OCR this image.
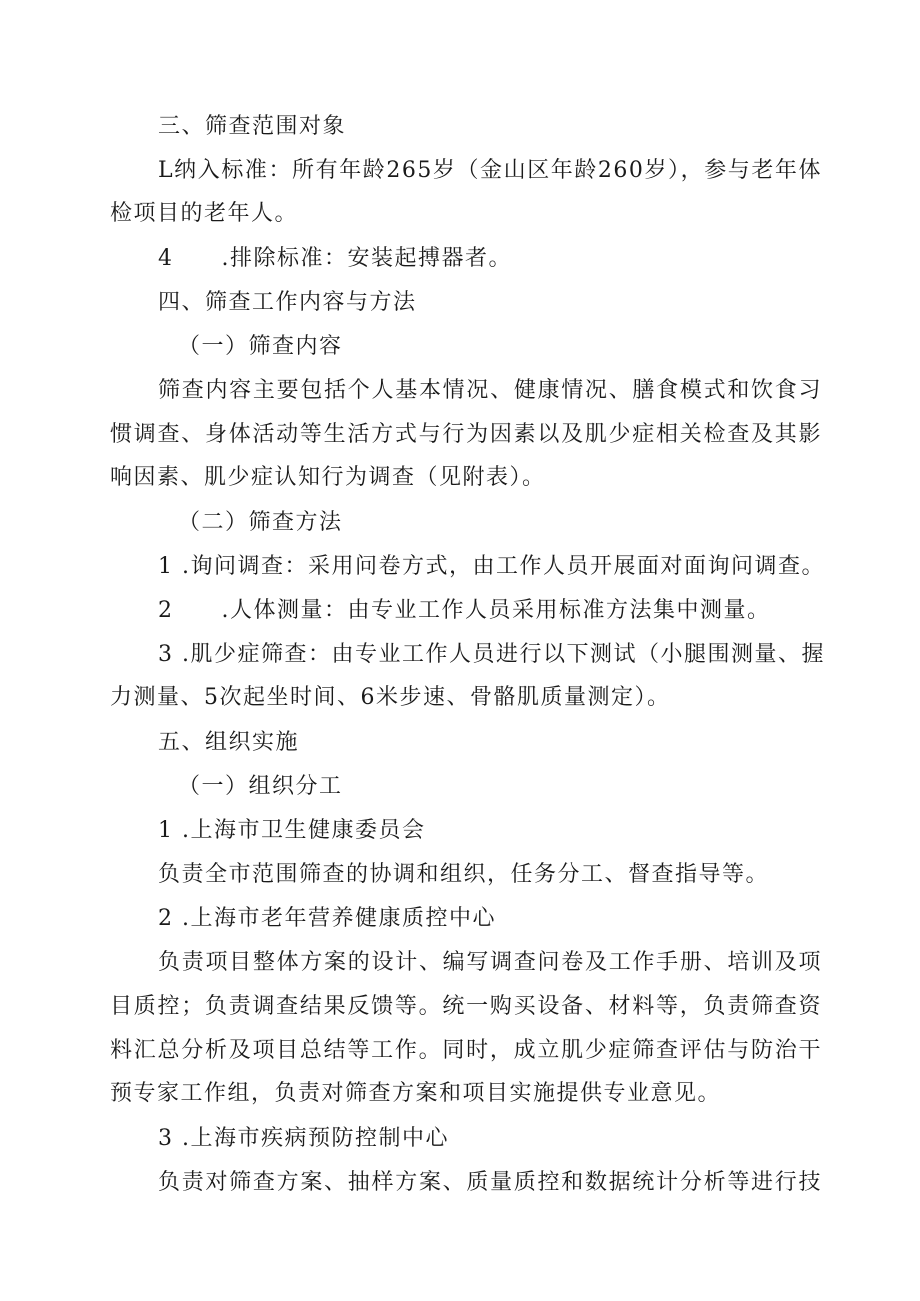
三、筛查范围对象
L纳入标准：所有年龄265岁（金山区年龄260岁），参与老年体
检项目的老年人。
4 .排除标准：安装起搏器者。
四、筛查工作内容与方法
（一）筛查内容
筛查内容主要包括个人基本情况、健康情况、膳食模式和饮食习
惯调查、身体活动等生活方式与行为因素以及肌少症相关检查及其影
响因素、肌少症认知行为调查（见附表）。
（二）筛查方法
1 .询问调查：采用问卷方式，由工作人员开展面对面询问调查。
2 .人体测量：由专业工作人员采用标准方法集中测量。
3 .肌少症筛查：由专业工作人员进行以下测试（小腿围测量、握
力测量、5次起坐时间、6米步速、骨骼肌质量测定）。
五、组织实施
（一）组织分工
1 .上海市卫生健康委员会
负责全市范围筛查的协调和组织，任务分工、督查指导等。
2 .上海市老年营养健康质控中心
负责项目整体方案的设计、编写调查问卷及工作手册、培训及项
目质控；负责调查结果反馈等。统一购买设备、材料等，负责筛查资
料汇总分析及项目总结等工作。同时，成立肌少症筛查评估与防治干
预专家工作组，负责对筛查方案和项目实施提供专业意见。
3 .上海市疾病预防控制中心
负责对筛查方案、抽样方案、质量质控和数据统计分析等进行技
